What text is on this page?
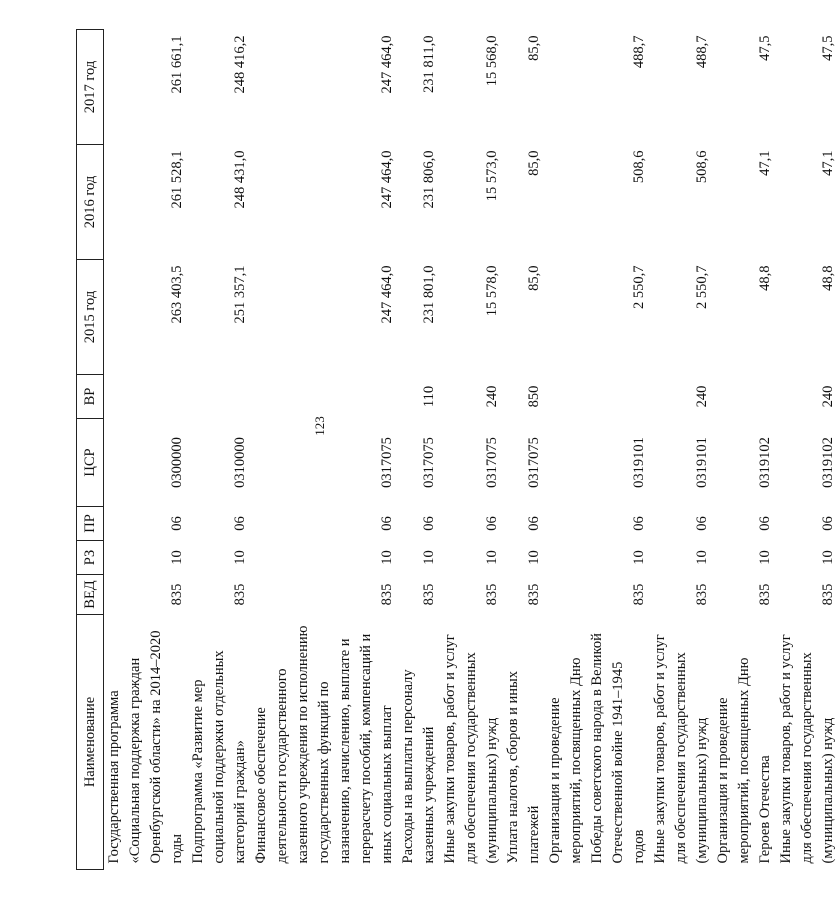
123
Наименование	ВЕД	РЗ	ПР	ЦСР	ВР	2015 год	2016 год	2017 год
Государственная программа «Социальная поддержка граждан Оренбургской области» на 2014–2020 годы	835	10	06	0300000		263 403,5	261 528,1	261 661,1
Подпрограмма «Развитие мер социальной поддержки отдельных категорий граждан»	835	10	06	0310000		251 357,1	248 431,0	248 416,2
Финансовое обеспечение деятельности государственного казенного учреждения по исполнению государственных функций по назначению, начислению, выплате и перерасчету пособий, компенсаций и иных социальных выплат	835	10	06	0317075		247 464,0	247 464,0	247 464,0
Расходы на выплаты персоналу казенных учреждений	835	10	06	0317075	110	231 801,0	231 806,0	231 811,0
Иные закупки товаров, работ и услуг для обеспечения государственных (муниципальных) нужд	835	10	06	0317075	240	15 578,0	15 573,0	15 568,0
Уплата налогов, сборов и иных платежей	835	10	06	0317075	850	85,0	85,0	85,0
Организация и проведение мероприятий, посвященных Дню Победы советского народа в Великой Отечественной войне 1941–1945 годов	835	10	06	0319101		2 550,7	508,6	488,7
Иные закупки товаров, работ и услуг для обеспечения государственных (муниципальных) нужд	835	10	06	0319101	240	2 550,7	508,6	488,7
Организация и проведение мероприятий, посвященных Дню Героев Отечества	835	10	06	0319102		48,8	47,1	47,5
Иные закупки товаров, работ и услуг для обеспечения государственных (муниципальных) нужд	835	10	06	0319102	240	48,8	47,1	47,5
